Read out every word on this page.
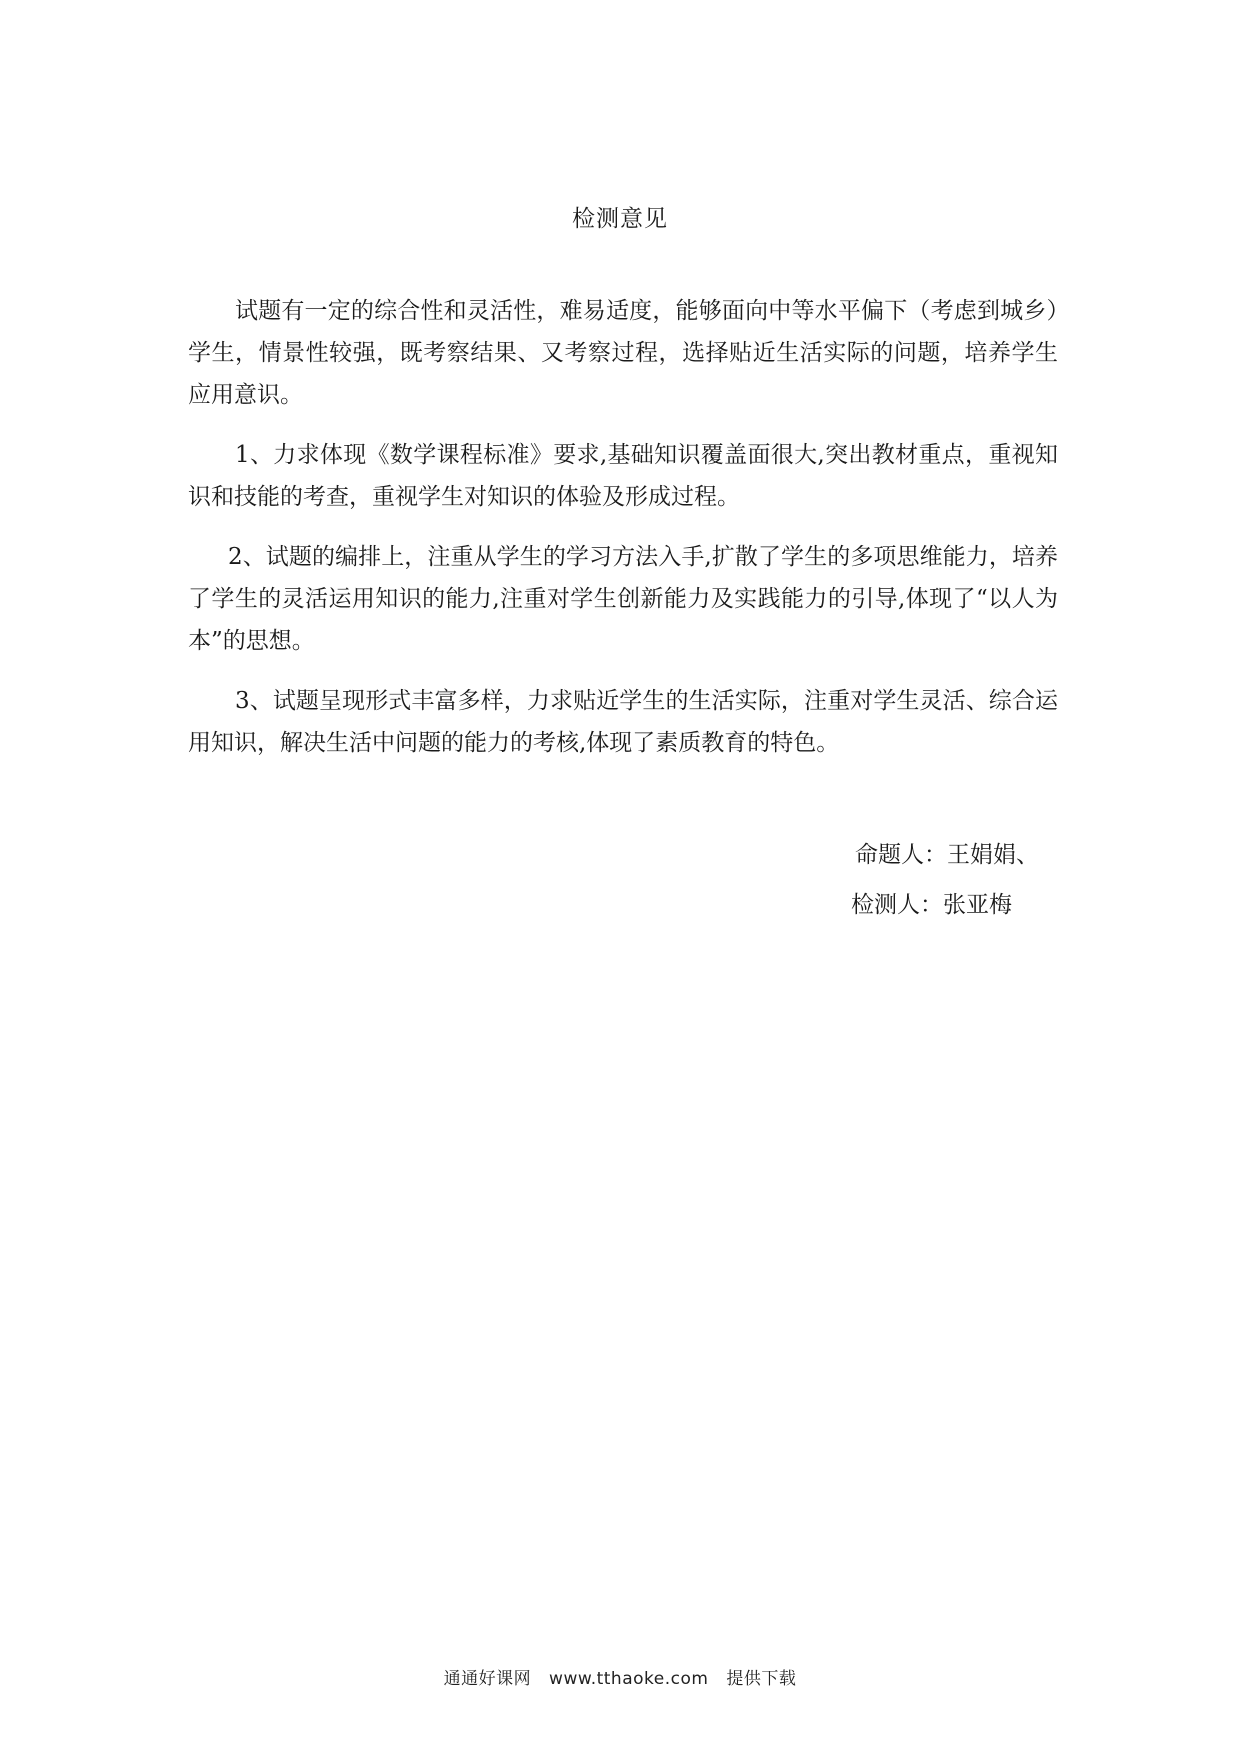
检测意见

试题有一定的综合性和灵活性，难易适度，能够面向中等水平偏下（考虑到城乡）学生，情景性较强，既考察结果、又考察过程，选择贴近生活实际的问题，培养学生应用意识。

1、力求体现《数学课程标准》要求,基础知识覆盖面很大,突出教材重点，重视知识和技能的考查，重视学生对知识的体验及形成过程。

2、试题的编排上，注重从学生的学习方法入手,扩散了学生的多项思维能力，培养了学生的灵活运用知识的能力,注重对学生创新能力及实践能力的引导,体现了“以人为本”的思想。

3、试题呈现形式丰富多样，力求贴近学生的生活实际，注重对学生灵活、综合运用知识，解决生活中问题的能力的考核,体现了素质教育的特色。

命题人：王娟娟、
检测人：张亚梅
通通好课网 www.tthaoke.com 提供下载
